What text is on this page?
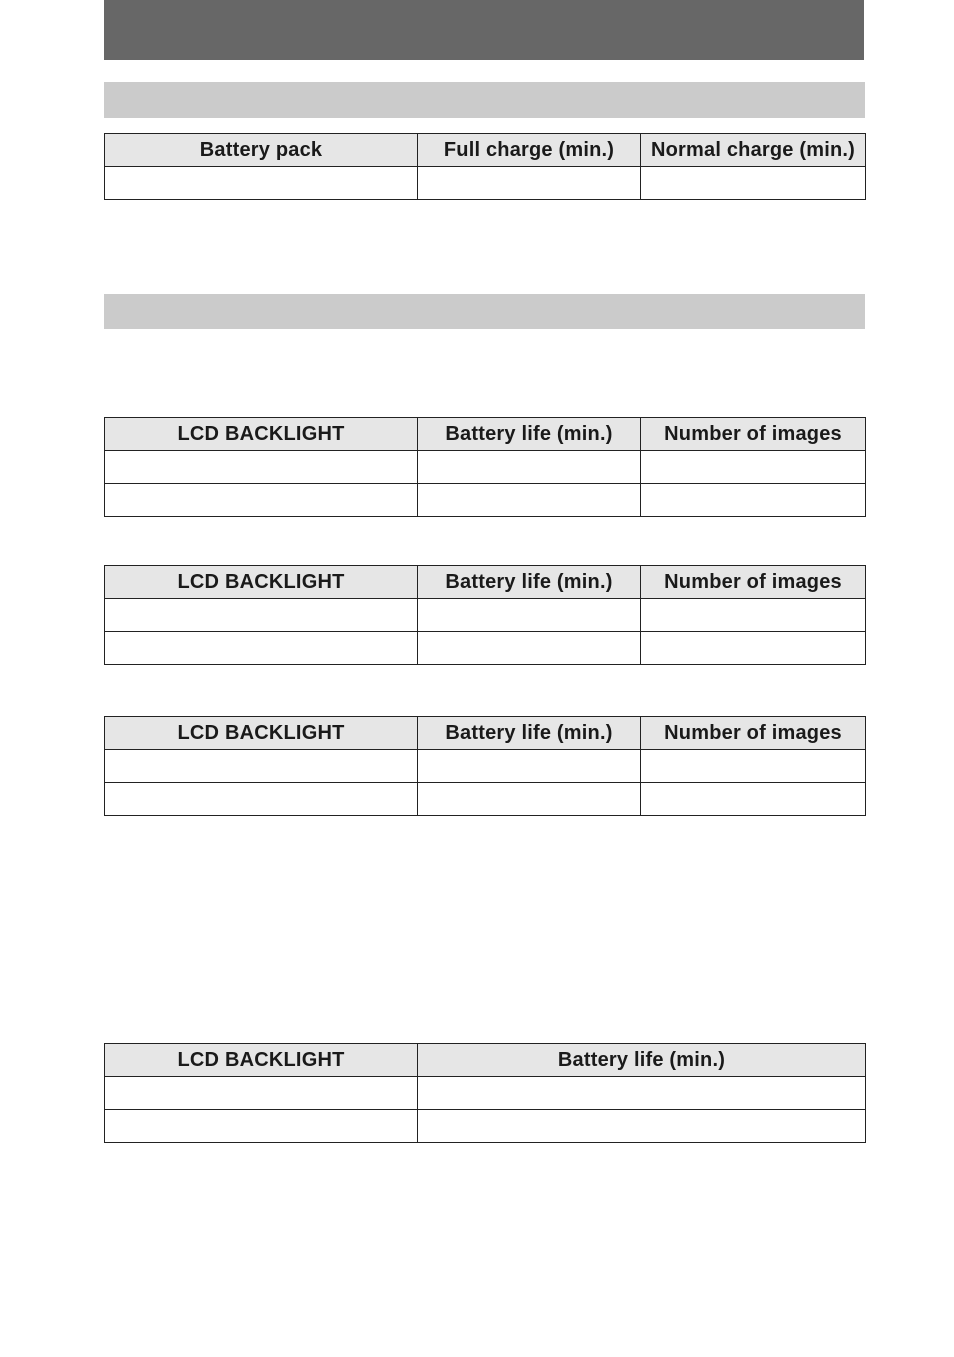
Battery pack	Full charge (min.)	Normal charge (min.)

LCD BACKLIGHT	Battery life (min.)	Number of images

LCD BACKLIGHT	Battery life (min.)	Number of images

LCD BACKLIGHT	Battery life (min.)	Number of images

LCD BACKLIGHT	Battery life (min.)
